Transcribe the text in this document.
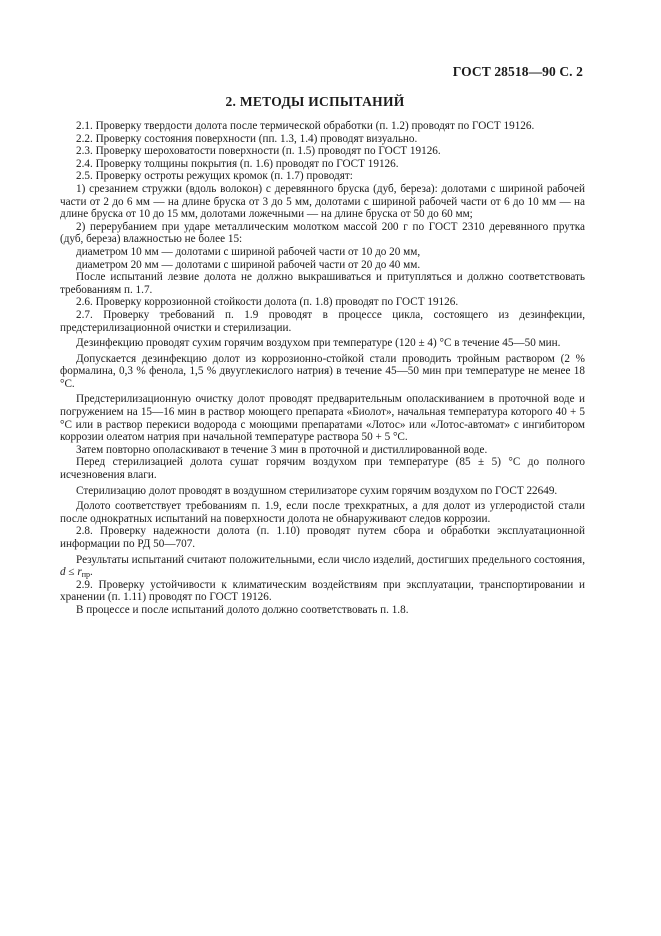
ГОСТ 28518—90 С. 2
2. МЕТОДЫ ИСПЫТАНИЙ

2.1. Проверку твердости долота после термической обработки (п. 1.2) проводят по ГОСТ 19126.

2.2. Проверку состояния поверхности (пп. 1.3, 1.4) проводят визуально.

2.3. Проверку шероховатости поверхности (п. 1.5) проводят по ГОСТ 19126.

2.4. Проверку толщины покрытия (п. 1.6) проводят по ГОСТ 19126.

2.5. Проверку остроты режущих кромок (п. 1.7) проводят:

1) срезанием стружки (вдоль волокон) с деревянного бруска (дуб, береза): долотами с шириной рабочей части от 2 до 6 мм — на длине бруска от 3 до 5 мм, долотами с шириной рабочей части от 6 до 10 мм — на длине бруска от 10 до 15 мм, долотами ложечными — на длине бруска от 50 до 60 мм;

2) перерубанием при ударе металлическим молотком массой 200 г по ГОСТ 2310 деревянного прутка (дуб, береза) влажностью не более 15:

диаметром 10 мм — долотами с шириной рабочей части от 10 до 20 мм,

диаметром 20 мм — долотами с шириной рабочей части от 20 до 40 мм.

После испытаний лезвие долота не должно выкрашиваться и притупляться и должно соответствовать требованиям п. 1.7.

2.6. Проверку коррозионной стойкости долота (п. 1.8) проводят по ГОСТ 19126.

2.7. Проверку требований п. 1.9 проводят в процессе цикла, состоящего из дезинфекции, предстерилизационной очистки и стерилизации.

Дезинфекцию проводят сухим горячим воздухом при температуре (120 ± 4) °С в течение 45—50 мин.

Допускается дезинфекцию долот из коррозионно-стойкой стали проводить тройным раствором (2 % формалина, 0,3 % фенола, 1,5 % двууглекислого натрия) в течение 45—50 мин при температуре не менее 18 °С.

Предстерилизационную очистку долот проводят предварительным ополаскиванием в проточной воде и погружением на 15—16 мин в раствор моющего препарата «Биолот», начальная температура которого 40 + 5 °С или в раствор перекиси водорода с моющими препаратами «Лотос» или «Лотос-автомат» с ингибитором коррозии олеатом натрия при начальной температуре раствора 50 + 5 °С.

Затем повторно ополаскивают в течение 3 мин в проточной и дистиллированной воде.

Перед стерилизацией долота сушат горячим воздухом при температуре (85 ± 5) °С до полного исчезновения влаги.

Стерилизацию долот проводят в воздушном стерилизаторе сухим горячим воздухом по ГОСТ 22649.

Долото соответствует требованиям п. 1.9, если после трехкратных, а для долот из углеродистой стали после однократных испытаний на поверхности долота не обнаруживают следов коррозии.

2.8. Проверку надежности долота (п. 1.10) проводят путем сбора и обработки эксплуатационной информации по РД 50—707.

Результаты испытаний считают положительными, если число изделий, достигших предельного состояния, $d \le r_{пр}$.

2.9. Проверку устойчивости к климатическим воздействиям при эксплуатации, транспортировании и хранении (п. 1.11) проводят по ГОСТ 19126.

В процессе и после испытаний долото должно соответствовать п. 1.8.
